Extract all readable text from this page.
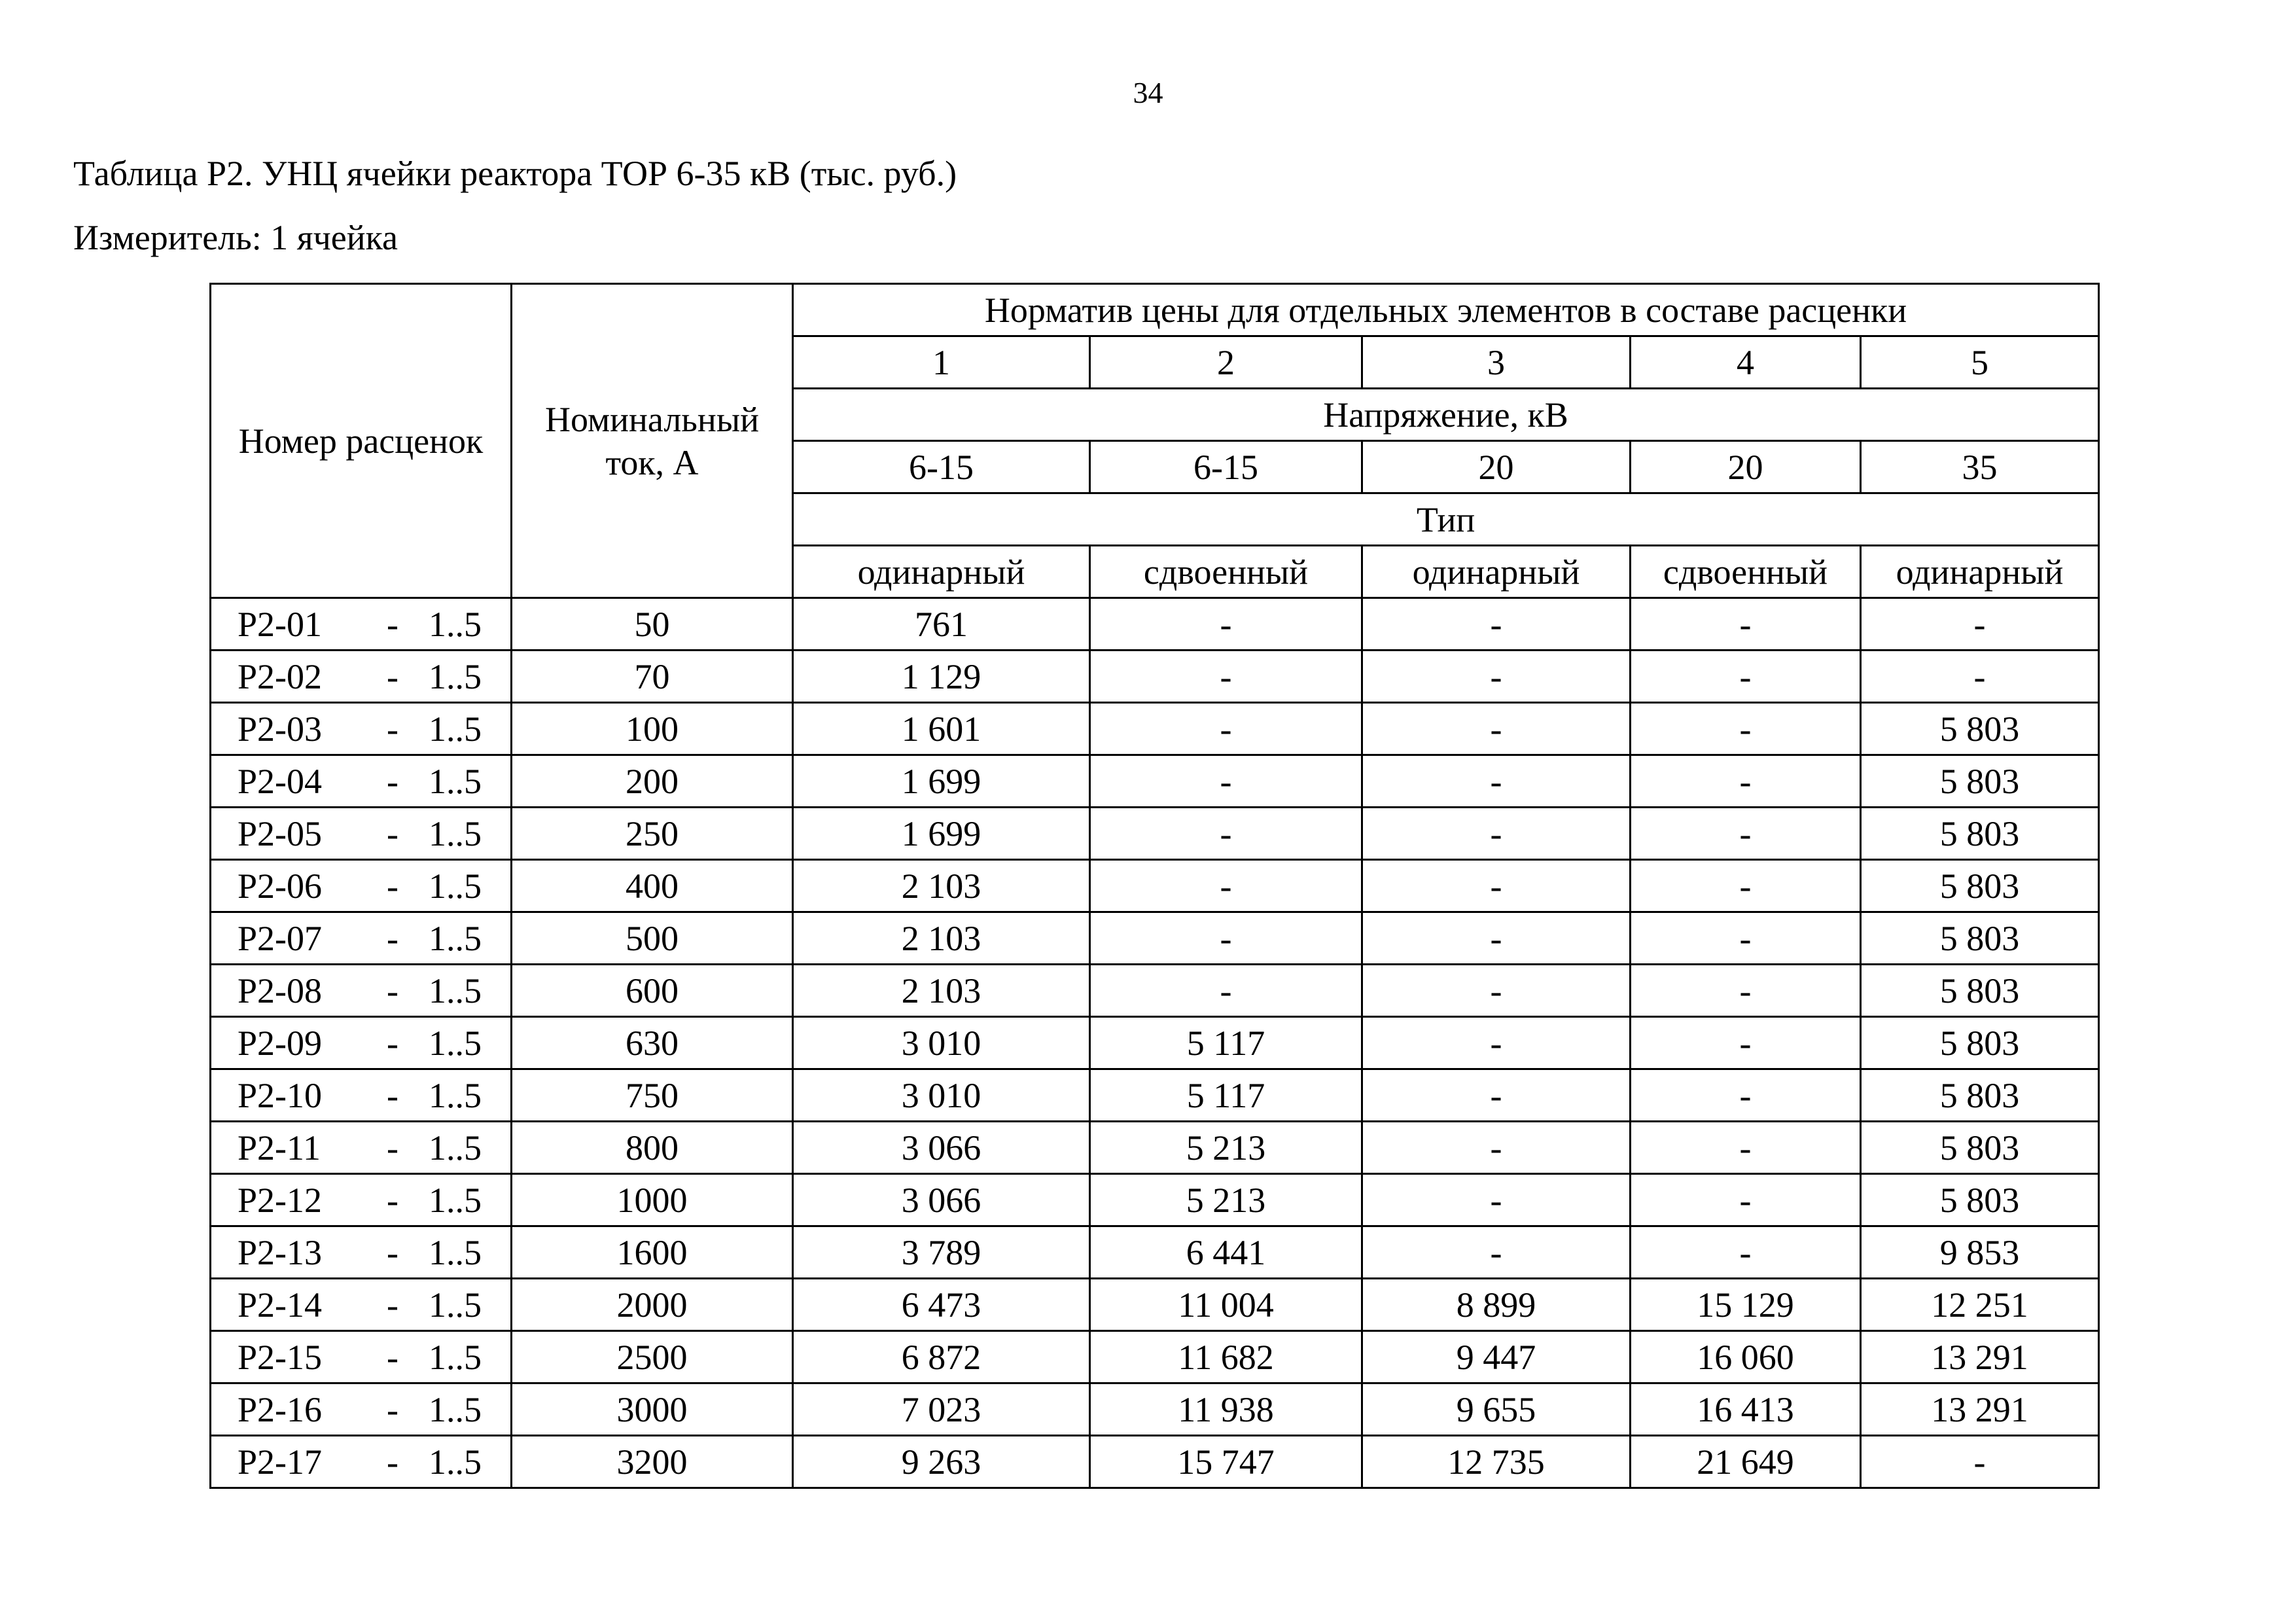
34
Таблица Р2. УНЦ ячейки реактора ТОР 6-35 кВ (тыс. руб.)
Измеритель: 1 ячейка
Номер расценок	Номинальный ток, А	Норматив цены для отдельных элементов в составе расценки				
		1	2	3	4	5
		Напряжение, кВ				
		6-15	6-15	20	20	35
		Тип				
		одинарный	сдвоенный	одинарный	сдвоенный	одинарный

Р2-01 - 1..5	50	761	-	-	-	-

Р2-02 - 1..5	70	1 129	-	-	-	-

Р2-03 - 1..5	100	1 601	-	-	-	5 803

Р2-04 - 1..5	200	1 699	-	-	-	5 803

Р2-05 - 1..5	250	1 699	-	-	-	5 803

Р2-06 - 1..5	400	2 103	-	-	-	5 803

Р2-07 - 1..5	500	2 103	-	-	-	5 803

Р2-08 - 1..5	600	2 103	-	-	-	5 803

Р2-09 - 1..5	630	3 010	5 117	-	-	5 803

Р2-10 - 1..5	750	3 010	5 117	-	-	5 803

Р2-11 - 1..5	800	3 066	5 213	-	-	5 803

Р2-12 - 1..5	1000	3 066	5 213	-	-	5 803

Р2-13 - 1..5	1600	3 789	6 441	-	-	9 853

Р2-14 - 1..5	2000	6 473	11 004	8 899	15 129	12 251

Р2-15 - 1..5	2500	6 872	11 682	9 447	16 060	13 291

Р2-16 - 1..5	3000	7 023	11 938	9 655	16 413	13 291

Р2-17 - 1..5	3200	9 263	15 747	12 735	21 649	-
